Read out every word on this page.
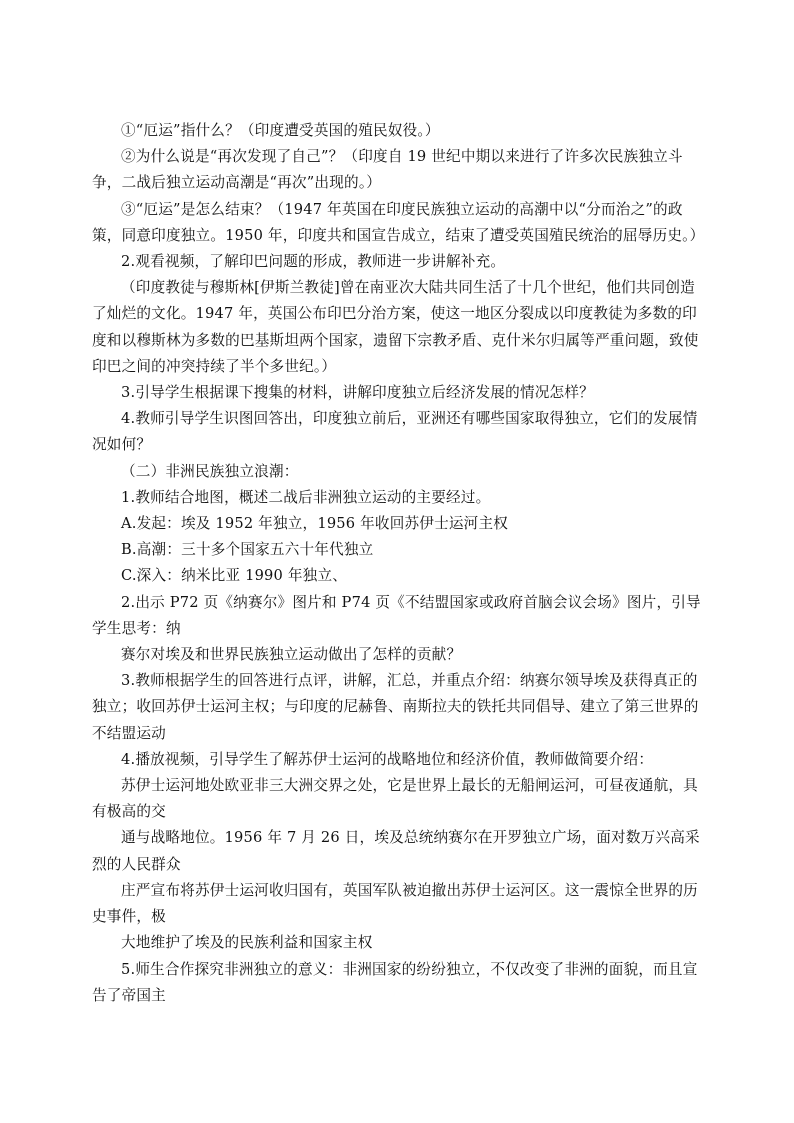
①“厄运”指什么？（印度遭受英国的殖民奴役。）

②为什么说是“再次发现了自己”？（印度自 19 世纪中期以来进行了许多次民族独立斗争，二战后独立运动高潮是“再次”出现的。）

③“厄运”是怎么结束？（1947 年英国在印度民族独立运动的高潮中以“分而治之”的政策，同意印度独立。1950 年，印度共和国宣告成立，结束了遭受英国殖民统治的屈辱历史。）

2.观看视频，了解印巴问题的形成，教师进一步讲解补充。

（印度教徒与穆斯林[伊斯兰教徒]曾在南亚次大陆共同生活了十几个世纪，他们共同创造了灿烂的文化。1947 年，英国公布印巴分治方案，使这一地区分裂成以印度教徒为多数的印度和以穆斯林为多数的巴基斯坦两个国家，遗留下宗教矛盾、克什米尔归属等严重问题，致使印巴之间的冲突持续了半个多世纪。）

3.引导学生根据课下搜集的材料，讲解印度独立后经济发展的情况怎样？

4.教师引导学生识图回答出，印度独立前后，亚洲还有哪些国家取得独立，它们的发展情况如何？

（二）非洲民族独立浪潮：

1.教师结合地图，概述二战后非洲独立运动的主要经过。

A.发起：埃及 1952 年独立，1956 年收回苏伊士运河主权

B.高潮：三十多个国家五六十年代独立

C.深入：纳米比亚 1990 年独立、

2.出示 P72 页《纳赛尔》图片和 P74 页《不结盟国家或政府首脑会议会场》图片，引导学生思考：纳

赛尔对埃及和世界民族独立运动做出了怎样的贡献？

3.教师根据学生的回答进行点评，讲解，汇总，并重点介绍：纳赛尔领导埃及获得真正的独立；收回苏伊士运河主权；与印度的尼赫鲁、南斯拉夫的铁托共同倡导、建立了第三世界的不结盟运动

4.播放视频，引导学生了解苏伊士运河的战略地位和经济价值，教师做简要介绍：

苏伊士运河地处欧亚非三大洲交界之处，它是世界上最长的无船闸运河，可昼夜通航，具有极高的交

通与战略地位。1956 年 7 月 26 日，埃及总统纳赛尔在开罗独立广场，面对数万兴高采烈的人民群众

庄严宣布将苏伊士运河收归国有，英国军队被迫撤出苏伊士运河区。这一震惊全世界的历史事件，极

大地维护了埃及的民族利益和国家主权

5.师生合作探究非洲独立的意义：非洲国家的纷纷独立，不仅改变了非洲的面貌，而且宣告了帝国主
